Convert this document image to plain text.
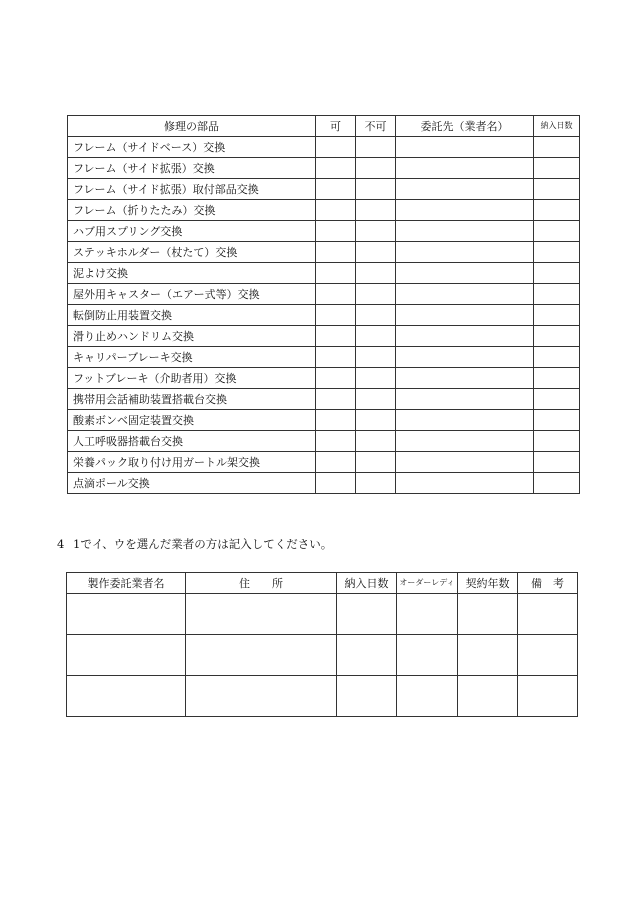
修理の部品	可	不可	委託先（業者名）	納入日数
フレーム（サイドベース）交換				
フレーム（サイド拡張）交換				
フレーム（サイド拡張）取付部品交換				
フレーム（折りたたみ）交換				
ハブ用スプリング交換				
ステッキホルダー（杖たて）交換				
泥よけ交換				
屋外用キャスター（エアー式等）交換				
転倒防止用装置交換				
滑り止めハンドリム交換				
キャリパーブレーキ交換				
フットブレーキ（介助者用）交換				
携帯用会話補助装置搭載台交換				
酸素ボンベ固定装置交換				
人工呼吸器搭載台交換				
栄養パック取り付け用ガートル架交換				
点滴ポール交換				
4 1でイ、ウを選んだ業者の方は記入してください。
製作委託業者名	住　　所	納入日数	オーダーレディ	契約年数	備　考
